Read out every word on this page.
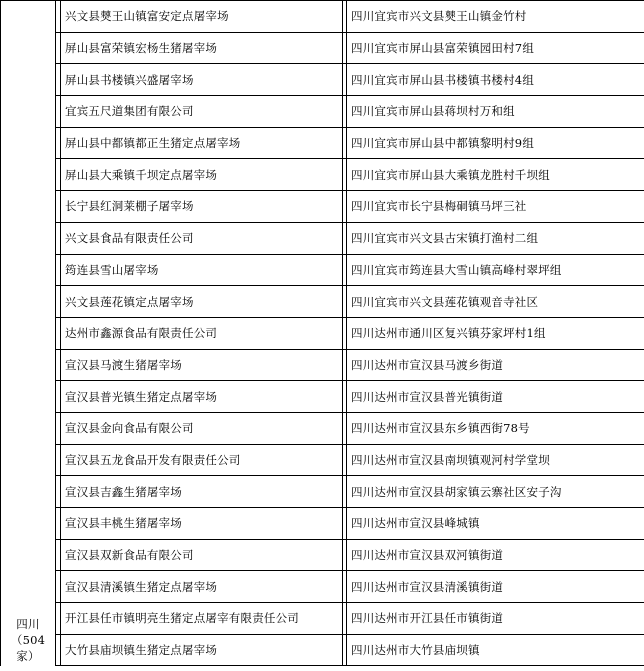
四川
（504
家）		兴文县僰王山镇富安定点屠宰场		四川宜宾市兴文县僰王山镇金竹村
		屏山县富荣镇宏杨生猪屠宰场		四川宜宾市屏山县富荣镇园田村7组
		屏山县书楼镇兴盛屠宰场		四川宜宾市屏山县书楼镇书楼村4组
		宜宾五尺道集团有限公司		四川宜宾市屏山县蒋坝村万和组
		屏山县中都镇都正生猪定点屠宰场		四川宜宾市屏山县中都镇黎明村9组
		屏山县大乘镇千坝定点屠宰场		四川宜宾市屏山县大乘镇龙胜村千坝组
		长宁县红洞莱棚子屠宰场		四川宜宾市长宁县梅硐镇马坪三社
		兴文县食品有限责任公司		四川宜宾市兴文县古宋镇打渔村二组
		筠连县雪山屠宰场		四川宜宾市筠连县大雪山镇高峰村翠坪组
		兴文县莲花镇定点屠宰场		四川宜宾市兴文县莲花镇观音寺社区
		达州市鑫源食品有限责任公司		四川达州市通川区复兴镇芬家坪村1组
		宣汉县马渡生猪屠宰场		四川达州市宣汉县马渡乡街道
		宣汉县普光镇生猪定点屠宰场		四川达州市宣汉县普光镇街道
		宣汉县金向食品有限公司		四川达州市宣汉县东乡镇西街78号
		宣汉县五龙食品开发有限责任公司		四川达州市宣汉县南坝镇观河村学堂坝
		宣汉县吉鑫生猪屠宰场		四川达州市宣汉县胡家镇云寨社区安子沟
		宣汉县丰桃生猪屠宰场		四川达州市宣汉县峰城镇
		宣汉县双新食品有限公司		四川达州市宣汉县双河镇街道
		宣汉县清溪镇生猪定点屠宰场		四川达州市宣汉县清溪镇街道
		开江县任市镇明亮生猪定点屠宰有限责任公司		四川达州市开江县任市镇街道
		大竹县庙坝镇生猪定点屠宰场		四川达州市大竹县庙坝镇
